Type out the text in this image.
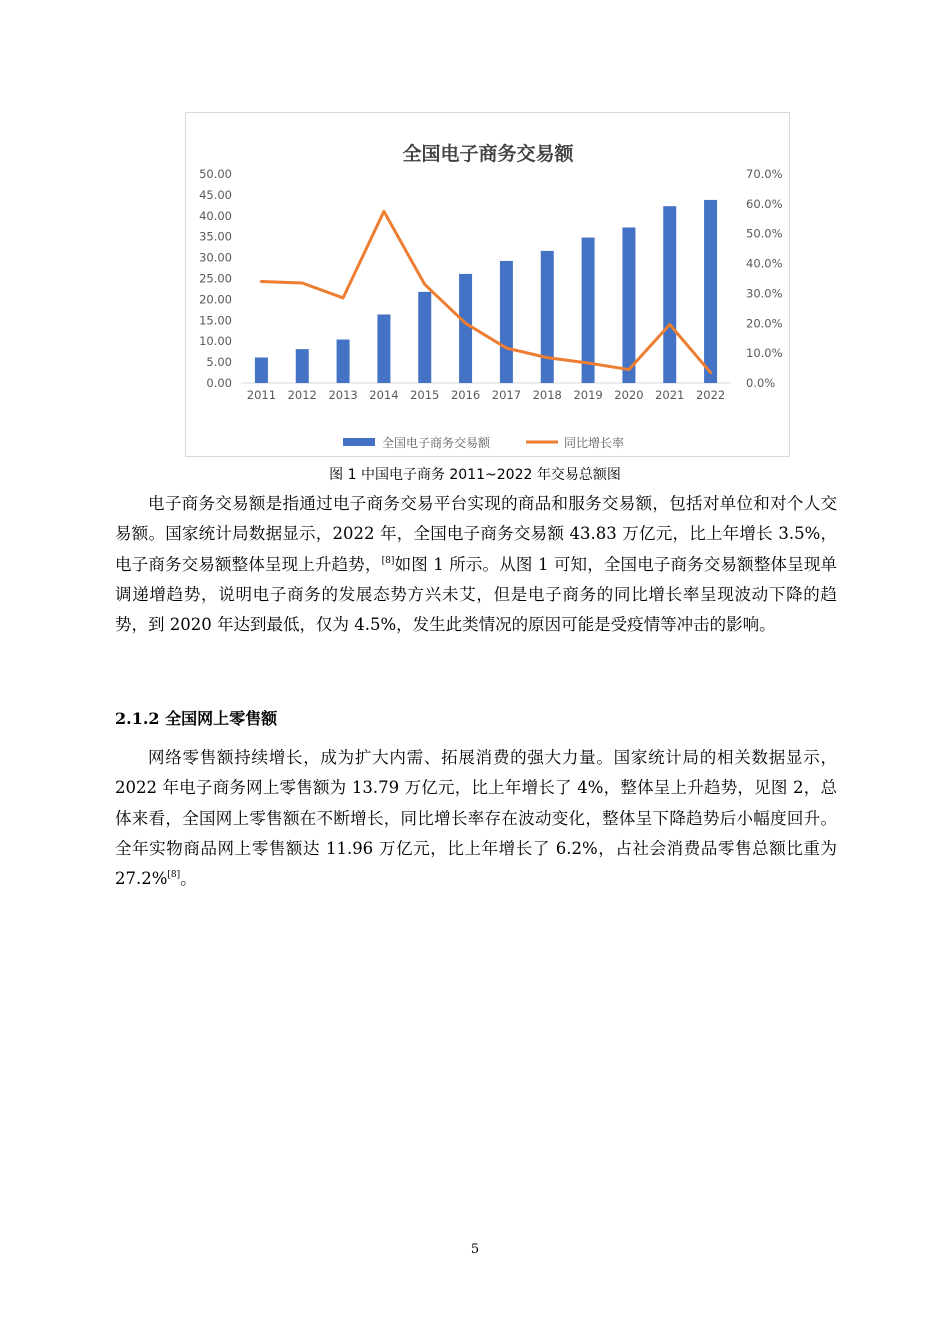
全国电子商务交易额
0.00
5.00
10.00
15.00
20.00
25.00
30.00
35.00
40.00
45.00
50.00
0.0%
10.0%
20.0%
30.0%
40.0%
50.0%
60.0%
70.0%
2011 2012 2013 2014 2015 2016 2017 2018 2019 2020 2021 2022
全国电子商务交易额	同比增长率
图 1 中国电子商务 2011~2022 年交易总额图

电子商务交易额是指通过电子商务交易平台实现的商品和服务交易额，包括对单位和对个人交易额。国家统计局数据显示，2022 年，全国电子商务交易额 43.83 万亿元，比上年增长 3.5%，电子商务交易额整体呈现上升趋势，[8]如图 1 所示。从图 1 可知，全国电子商务交易额整体呈现单调递增趋势，说明电子商务的发展态势方兴未艾，但是电子商务的同比增长率呈现波动下降的趋势，到 2020 年达到最低，仅为 4.5%，发生此类情况的原因可能是受疫情等冲击的影响。

2.1.2 全国网上零售额

网络零售额持续增长，成为扩大内需、拓展消费的强大力量。国家统计局的相关数据显示，2022 年电子商务网上零售额为 13.79 万亿元，比上年增长了 4%，整体呈上升趋势，见图 2，总体来看，全国网上零售额在不断增长，同比增长率存在波动变化，整体呈下降趋势后小幅度回升。全年实物商品网上零售额达 11.96 万亿元，比上年增长了 6.2%，占社会消费品零售总额比重为 27.2%[8]。

5
